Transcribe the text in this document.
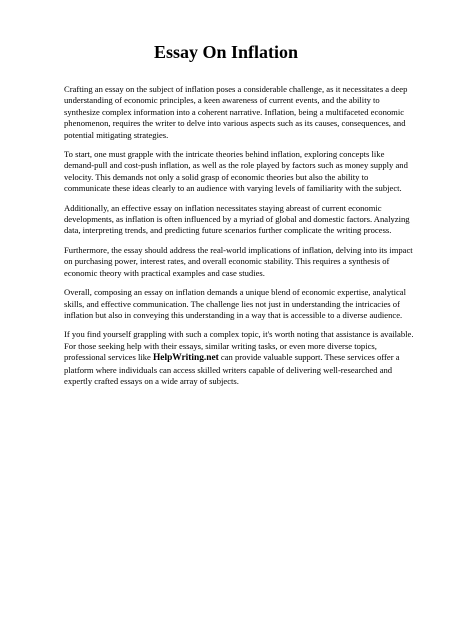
Essay On Inflation

Crafting an essay on the subject of inflation poses a considerable challenge, as it necessitates a deep understanding of economic principles, a keen awareness of current events, and the ability to synthesize complex information into a coherent narrative. Inflation, being a multifaceted economic phenomenon, requires the writer to delve into various aspects such as its causes, consequences, and potential mitigating strategies.

To start, one must grapple with the intricate theories behind inflation, exploring concepts like demand-pull and cost-push inflation, as well as the role played by factors such as money supply and velocity. This demands not only a solid grasp of economic theories but also the ability to communicate these ideas clearly to an audience with varying levels of familiarity with the subject.

Additionally, an effective essay on inflation necessitates staying abreast of current economic developments, as inflation is often influenced by a myriad of global and domestic factors. Analyzing data, interpreting trends, and predicting future scenarios further complicate the writing process.

Furthermore, the essay should address the real-world implications of inflation, delving into its impact on purchasing power, interest rates, and overall economic stability. This requires a synthesis of economic theory with practical examples and case studies.

Overall, composing an essay on inflation demands a unique blend of economic expertise, analytical skills, and effective communication. The challenge lies not just in understanding the intricacies of inflation but also in conveying this understanding in a way that is accessible to a diverse audience.

If you find yourself grappling with such a complex topic, it's worth noting that assistance is available. For those seeking help with their essays, similar writing tasks, or even more diverse topics, professional services like HelpWriting.net can provide valuable support. These services offer a platform where individuals can access skilled writers capable of delivering well-researched and expertly crafted essays on a wide array of subjects.
